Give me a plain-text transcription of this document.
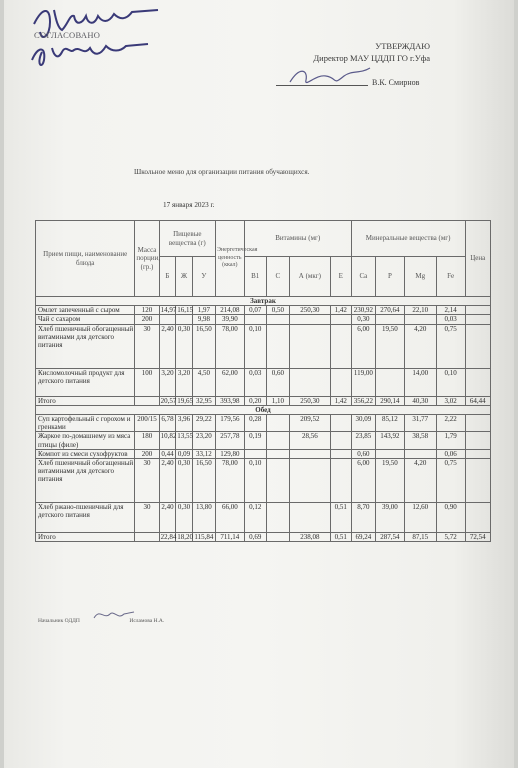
СОГЛАСОВАНО
УТВЕРЖДАЮ
Директор МАУ ЦДДП ГО г.Уфа
В.К. Смирнов
Школьное меню для организации питания обучающихся.
17 января 2023 г.
Прием пищи, наименование блюда	Масса порции, (гр.)	Пищевые вещества (г)			Энергетическая ценность (ккал)	Витамины (мг)				Минеральные вещества (мг)				Цена
		Б	Ж	У		В1	С	А (мкг)	Е	Са	Р	Mg	Fe	
Завтрак														
Омлет запеченный с сыром	120	14,97	16,15	1,97	214,08	0,07	0,50	250,30	1,42	230,92	270,64	22,10	2,14	
Чай с сахаром	200			9,98	39,90					0,30			0,03	
Хлеб пшеничный обогащенный витаминами для детского питания	30	2,40	0,30	16,50	78,00	0,10				6,00	19,50	4,20	0,75	
Кисломолочный продукт для детского питания	100	3,20	3,20	4,50	62,00	0,03	0,60			119,00		14,00	0,10	
Итого		20,57	19,65	32,95	393,98	0,20	1,10	250,30	1,42	356,22	290,14	40,30	3,02	64,44
Обед														
Суп картофельный с горохом и гренками	200/15	6,78	3,96	29,22	179,56	0,28		209,52		30,09	85,12	31,77	2,22	
Жаркое по-домашнему из мяса птицы (филе)	180	10,82	13,55	23,20	257,78	0,19		28,56		23,85	143,92	38,58	1,79	
Компот из смеси сухофруктов	200	0,44	0,09	33,12	129,80					0,60			0,06	
Хлеб пшеничный обогащенный витаминами для детского питания	30	2,40	0,30	16,50	78,00	0,10				6,00	19,50	4,20	0,75	
Хлеб ржано-пшеничный для детского питания	30	2,40	0,30	13,80	66,00	0,12			0,51	8,70	39,00	12,60	0,90	
Итого		22,84	18,20	115,84	711,14	0,69		238,08	0,51	69,24	287,54	87,15	5,72	72,54
Начальник ОДДП	Исламова Н.А.
